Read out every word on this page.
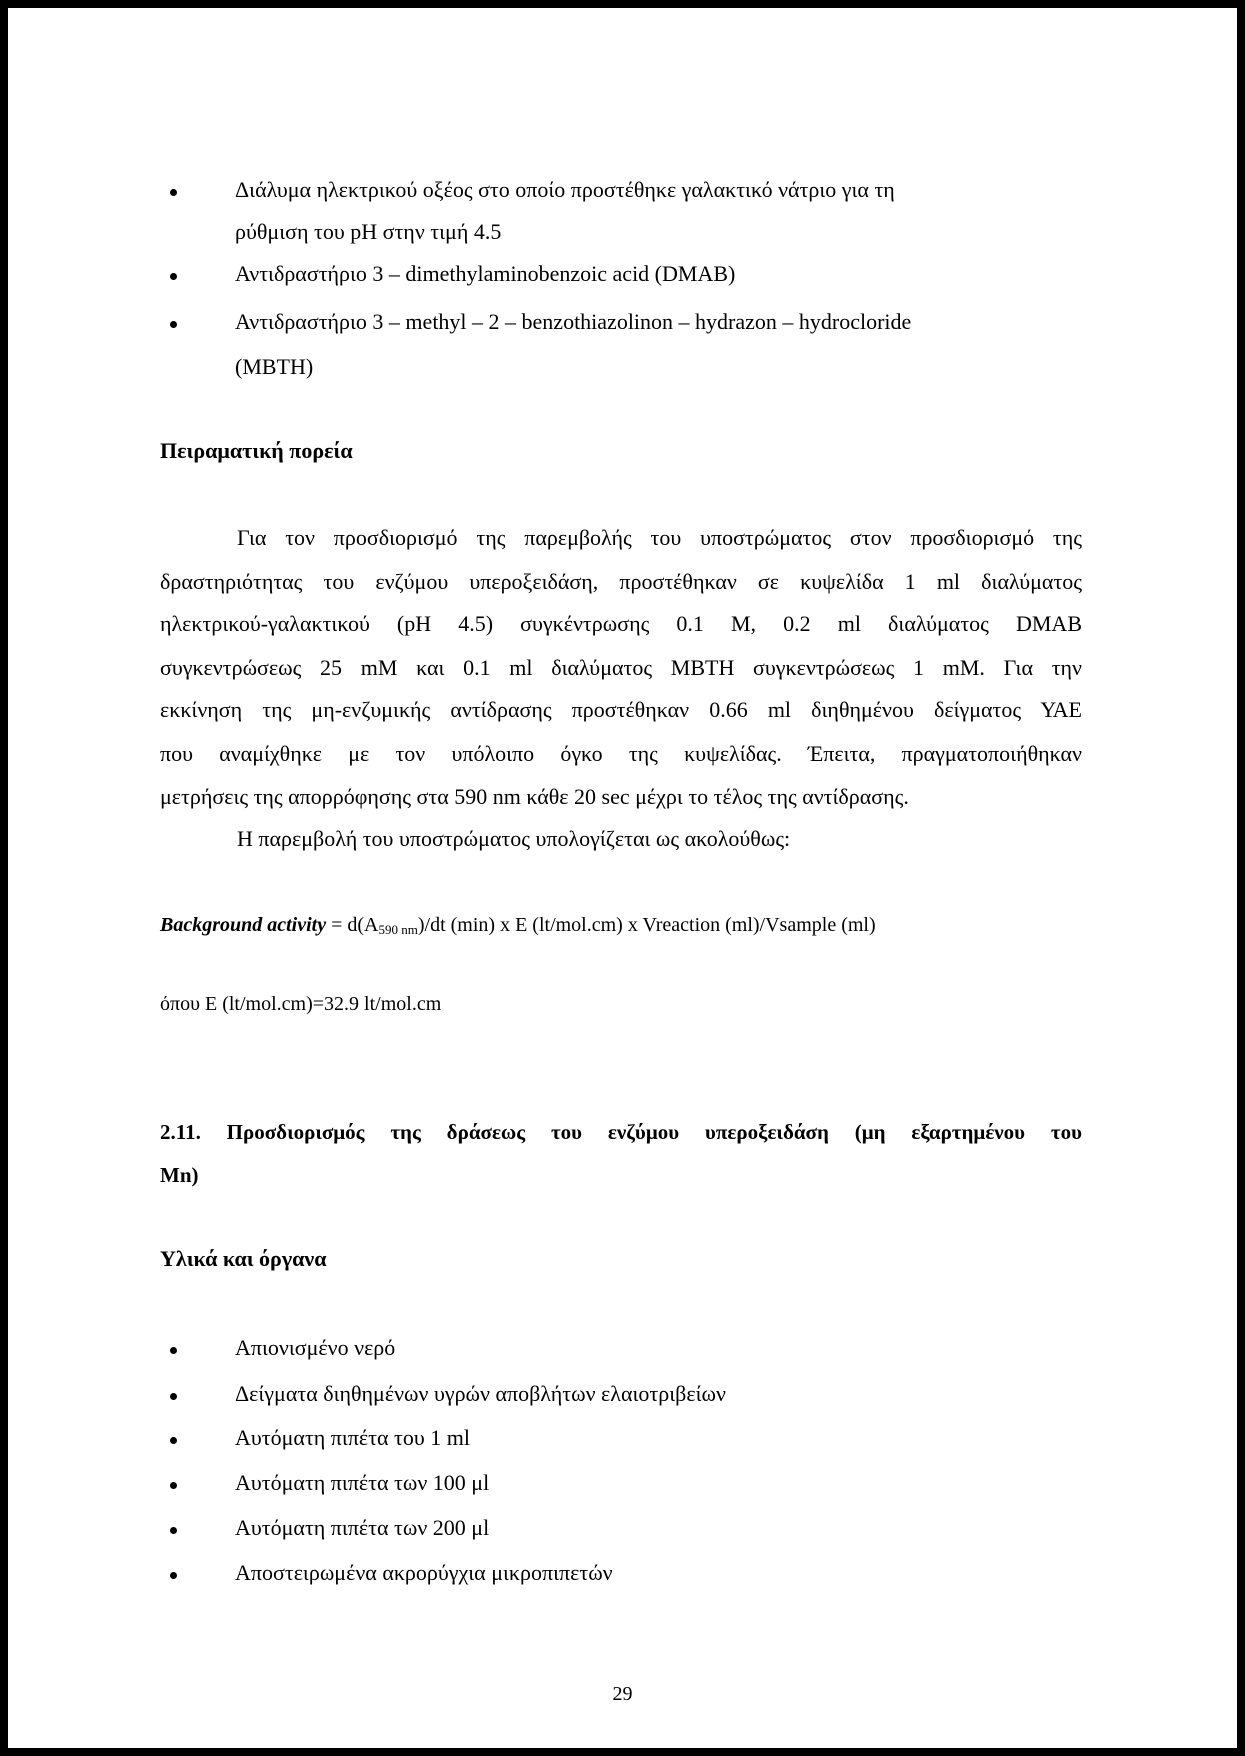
Διάλυμα ηλεκτρικού οξέος στο οποίο προστέθηκε γαλακτικό νάτριο για τη
ρύθμιση του pH στην τιμή 4.5
Αντιδραστήριο 3 – dimethylaminobenzoic acid (DMAB)
Αντιδραστήριο 3 – methyl – 2 – benzothiazolinon – hydrazon – hydrocloride
(MBTH)
Πειραματική πορεία
Για τον προσδιορισμό της παρεμβολής του υποστρώματος στον προσδιορισμό της
δραστηριότητας του ενζύμου υπεροξειδάση, προστέθηκαν σε κυψελίδα 1 ml διαλύματος
ηλεκτρικού-γαλακτικού (pH 4.5) συγκέντρωσης 0.1 M, 0.2 ml διαλύματος DMAB
συγκεντρώσεως 25 mM και 0.1 ml διαλύματος MBTH συγκεντρώσεως 1 mM. Για την
εκκίνηση της μη-ενζυμικής αντίδρασης προστέθηκαν 0.66 ml διηθημένου δείγματος ΥΑΕ
που αναμίχθηκε με τον υπόλοιπο όγκο της κυψελίδας. Έπειτα, πραγματοποιήθηκαν
μετρήσεις της απορρόφησης στα 590 nm κάθε 20 sec μέχρι το τέλος της αντίδρασης.
Η παρεμβολή του υποστρώματος υπολογίζεται ως ακολούθως:
Background activity = $d(A_{590 nm})/dt$ (min) x E (lt/mol.cm) x Vreaction (ml)/Vsample (ml)
όπου E (lt/mol.cm)=32.9 lt/mol.cm
2.11. Προσδιορισμός της δράσεως του ενζύμου υπεροξειδάση (μη εξαρτημένου του
Mn)
Υλικά και όργανα
Απιονισμένο νερό
Δείγματα διηθημένων υγρών αποβλήτων ελαιοτριβείων
Αυτόματη πιπέτα του 1 ml
Αυτόματη πιπέτα των 100 μl
Αυτόματη πιπέτα των 200 μl
Αποστειρωμένα ακρορύγχια μικροπιπετών
29
